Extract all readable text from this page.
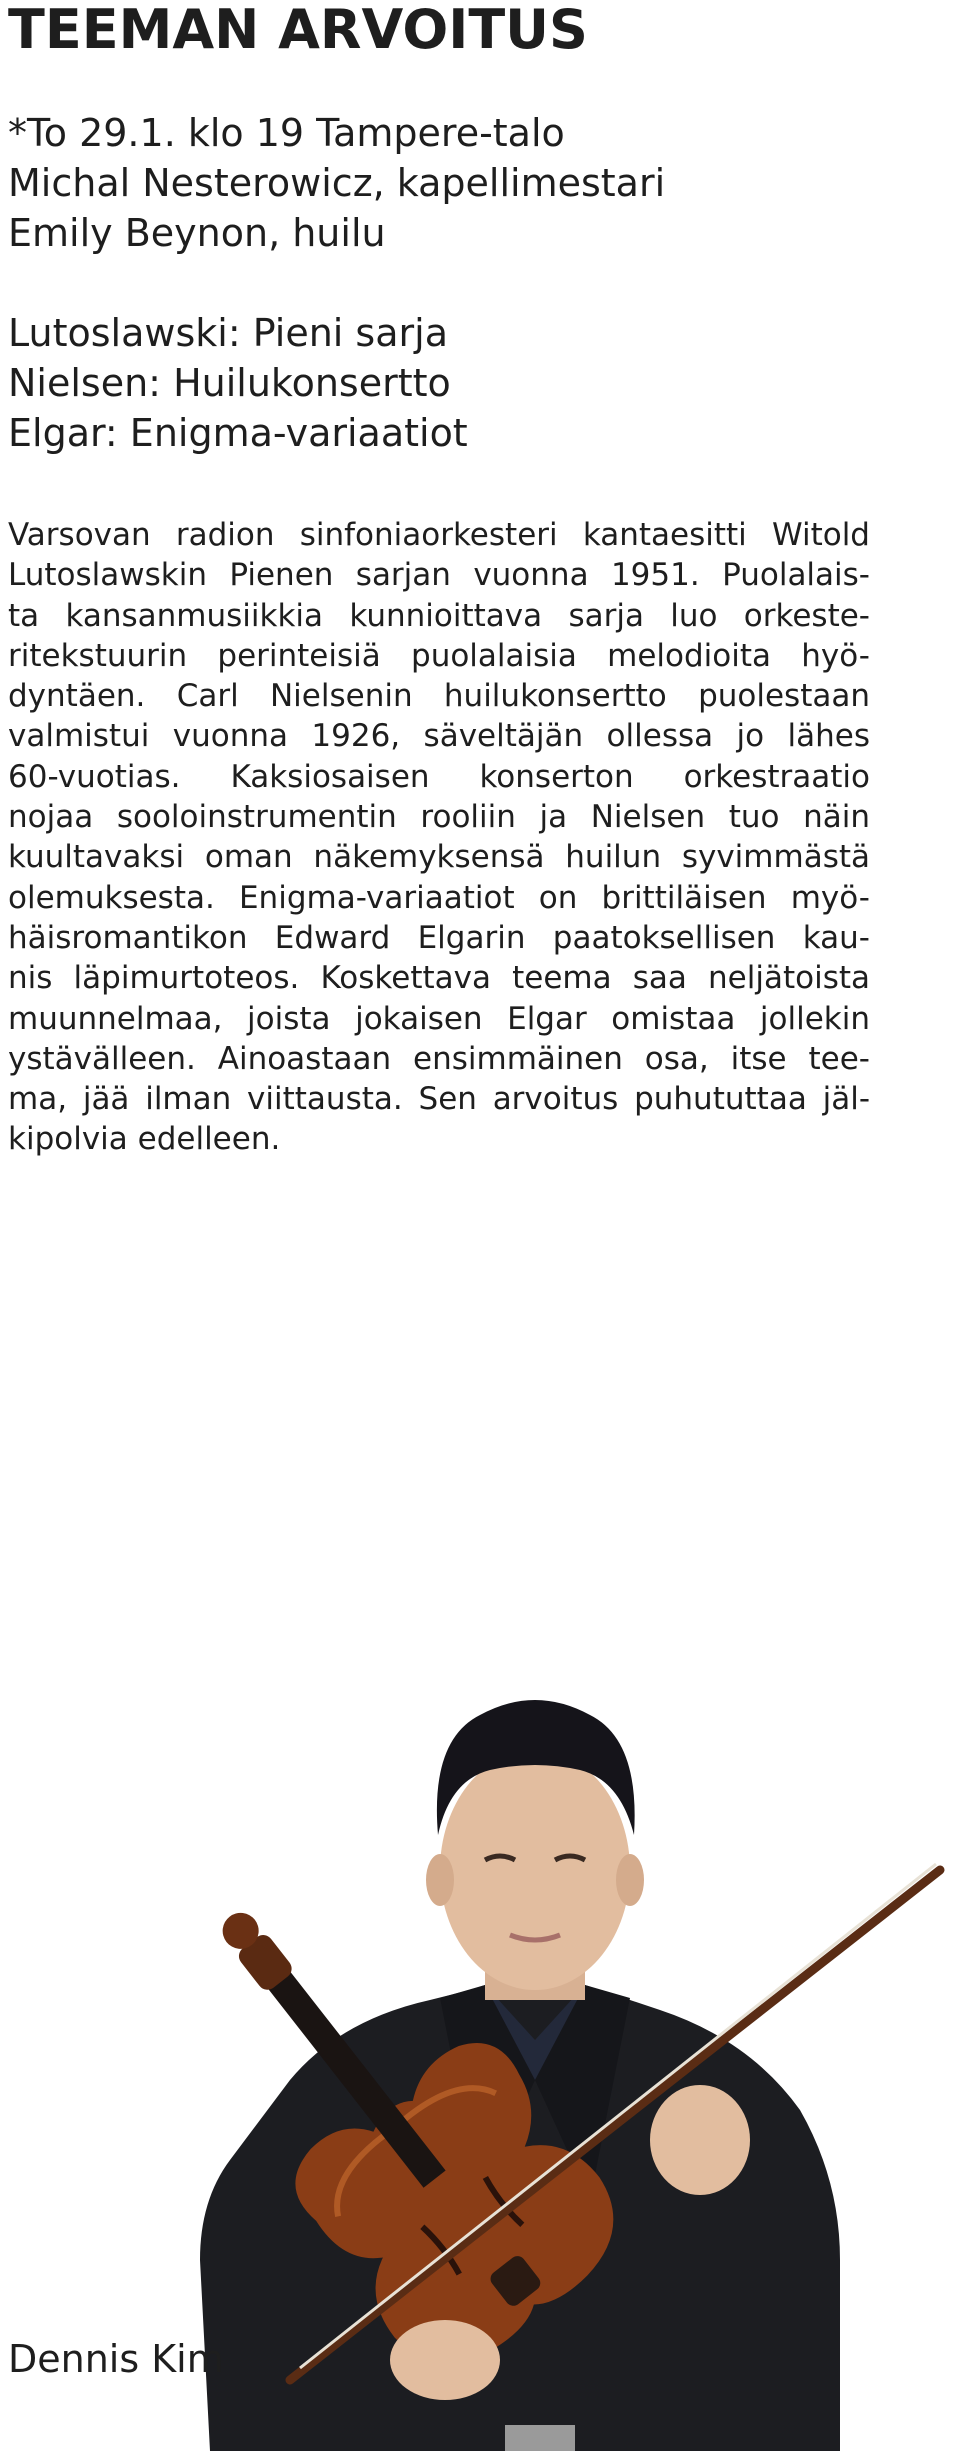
TEEMAN ARVOITUS
*To 29.1. klo 19 Tampere-talo
Michal Nesterowicz, kapellimestari
Emily Beynon, huilu
Lutoslawski: Pieni sarja
Nielsen: Huilukonsertto
Elgar: Enigma-variaatiot
Varsovan radion sinfoniaorkesteri kantaesitti Witold
Lutoslawskin Pienen sarjan vuonna 1951. Puolalais-
ta kansanmusiikkia kunnioittava sarja luo orkeste-
ritekstuurin perinteisiä puolalaisia melodioita hyö-
dyntäen. Carl Nielsenin huilukonsertto puolestaan
valmistui vuonna 1926, säveltäjän ollessa jo lähes
60-vuotias. Kaksiosaisen konserton orkestraatio
nojaa sooloinstrumentin rooliin ja Nielsen tuo näin
kuultavaksi oman näkemyksensä huilun syvimmästä
olemuksesta. Enigma-variaatiot on brittiläisen myö-
häisromantikon Edward Elgarin paatoksellisen kau-
nis läpimurtoteos. Koskettava teema saa neljätoista
muunnelmaa, joista jokaisen Elgar omistaa jollekin
ystävälleen. Ainoastaan ensimmäinen osa, itse tee-
ma, jää ilman viittausta. Sen arvoitus puhututtaa jäl-
kipolvia edelleen.
Dennis Kim
